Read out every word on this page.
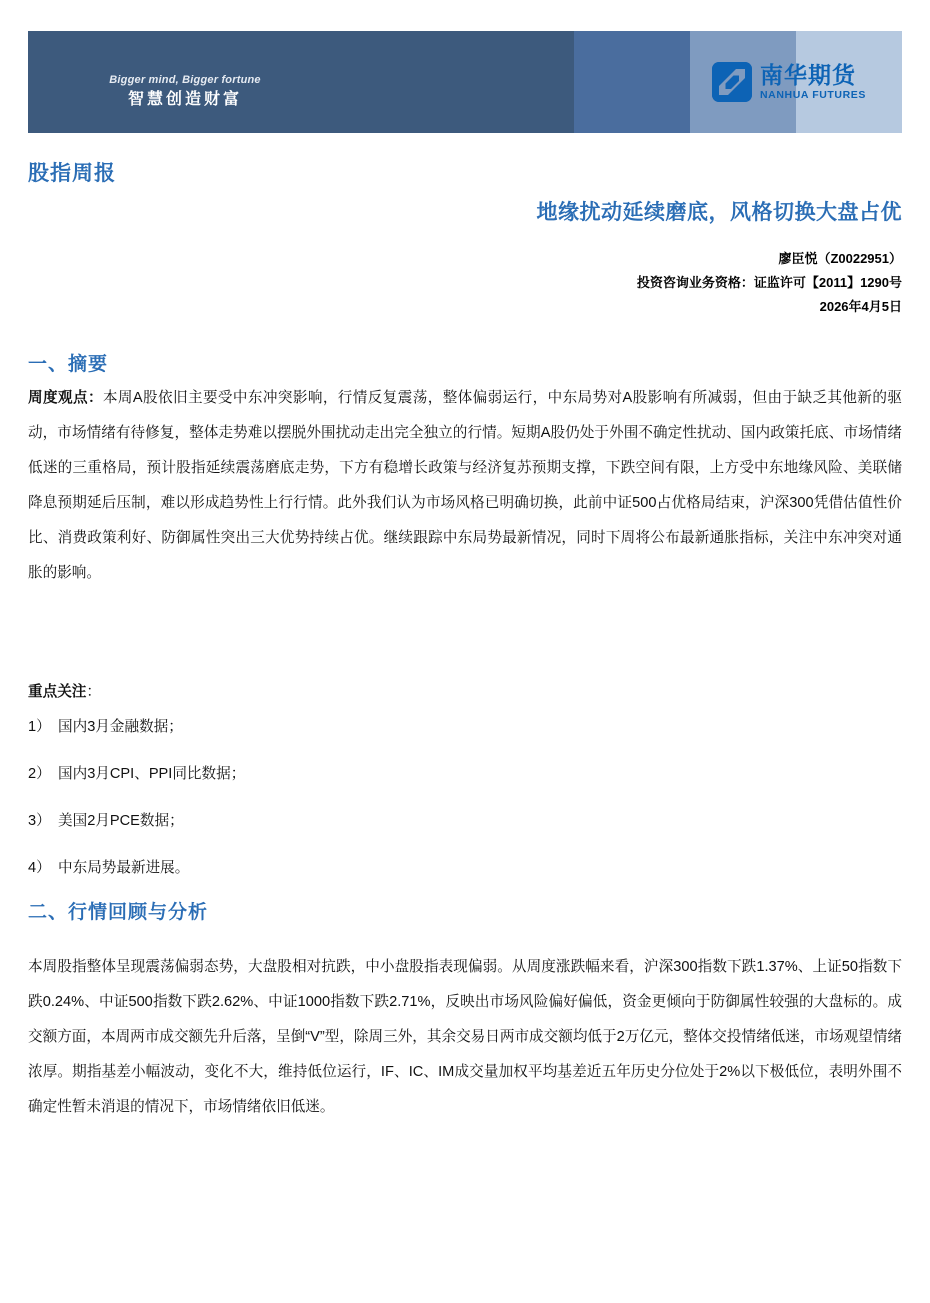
Bigger mind, Bigger fortune
智慧创造财富
南华期货
NANHUA FUTURES
股指周报
地缘扰动延续磨底，风格切换大盘占优
廖臣悦（Z0022951）
投资咨询业务资格：证监许可【2011】1290号
2026年4月5日
一、摘要
周度观点：本周A股依旧主要受中东冲突影响，行情反复震荡，整体偏弱运行，中东局势对A股影响有所减弱，但由于缺乏其他新的驱动，市场情绪有待修复，整体走势难以摆脱外围扰动走出完全独立的行情。短期A股仍处于外围不确定性扰动、国内政策托底、市场情绪低迷的三重格局，预计股指延续震荡磨底走势，下方有稳增长政策与经济复苏预期支撑，下跌空间有限，上方受中东地缘风险、美联储降息预期延后压制，难以形成趋势性上行行情。此外我们认为市场风格已明确切换，此前中证500占优格局结束，沪深300凭借估值性价比、消费政策利好、防御属性突出三大优势持续占优。继续跟踪中东局势最新情况，同时下周将公布最新通胀指标，关注中东冲突对通胀的影响。
重点关注：
1） 国内3月金融数据；
2） 国内3月CPI、PPI同比数据；
3） 美国2月PCE数据；
4） 中东局势最新进展。
二、行情回顾与分析
本周股指整体呈现震荡偏弱态势，大盘股相对抗跌，中小盘股指表现偏弱。从周度涨跌幅来看，沪深300指数下跌1.37%、上证50指数下跌0.24%、中证500指数下跌2.62%、中证1000指数下跌2.71%，反映出市场风险偏好偏低，资金更倾向于防御属性较强的大盘标的。成交额方面，本周两市成交额先升后落，呈倒“V”型，除周三外，其余交易日两市成交额均低于2万亿元，整体交投情绪低迷，市场观望情绪浓厚。期指基差小幅波动，变化不大，维持低位运行，IF、IC、IM成交量加权平均基差近五年历史分位处于2%以下极低位，表明外围不确定性暂未消退的情况下，市场情绪依旧低迷。
